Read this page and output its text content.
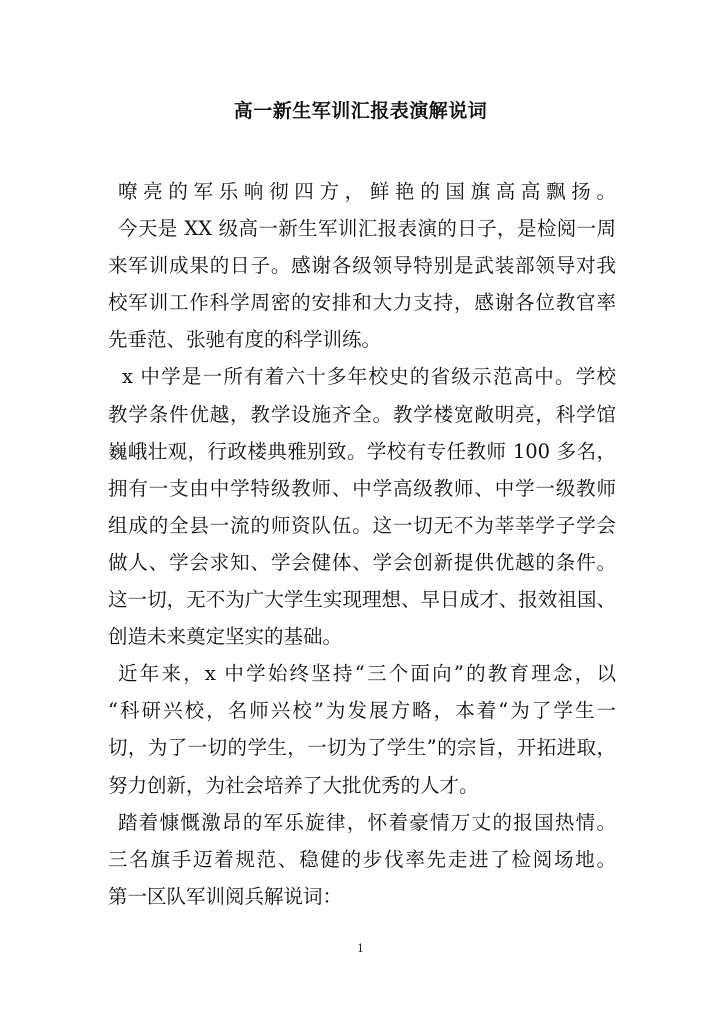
高一新生军训汇报表演解说词
嘹亮的军乐响彻四方，鲜艳的国旗高高飘扬。
今天是 XX 级高一新生军训汇报表演的日子，是检阅一周
来军训成果的日子。感谢各级领导特别是武装部领导对我
校军训工作科学周密的安排和大力支持，感谢各位教官率
先垂范、张驰有度的科学训练。
x 中学是一所有着六十多年校史的省级示范高中。学校
教学条件优越，教学设施齐全。教学楼宽敞明亮，科学馆
巍峨壮观，行政楼典雅别致。学校有专任教师 100 多名，
拥有一支由中学特级教师、中学高级教师、中学一级教师
组成的全县一流的师资队伍。这一切无不为莘莘学子学会
做人、学会求知、学会健体、学会创新提供优越的条件。
这一切，无不为广大学生实现理想、早日成才、报效祖国、
创造未来奠定坚实的基础。
近年来，x 中学始终坚持“三个面向”的教育理念，以
“科研兴校，名师兴校”为发展方略，本着“为了学生一
切，为了一切的学生，一切为了学生”的宗旨，开拓进取，
努力创新，为社会培养了大批优秀的人才。
踏着慷慨激昂的军乐旋律，怀着豪情万丈的报国热情。
三名旗手迈着规范、稳健的步伐率先走进了检阅场地。
第一区队军训阅兵解说词：
1
